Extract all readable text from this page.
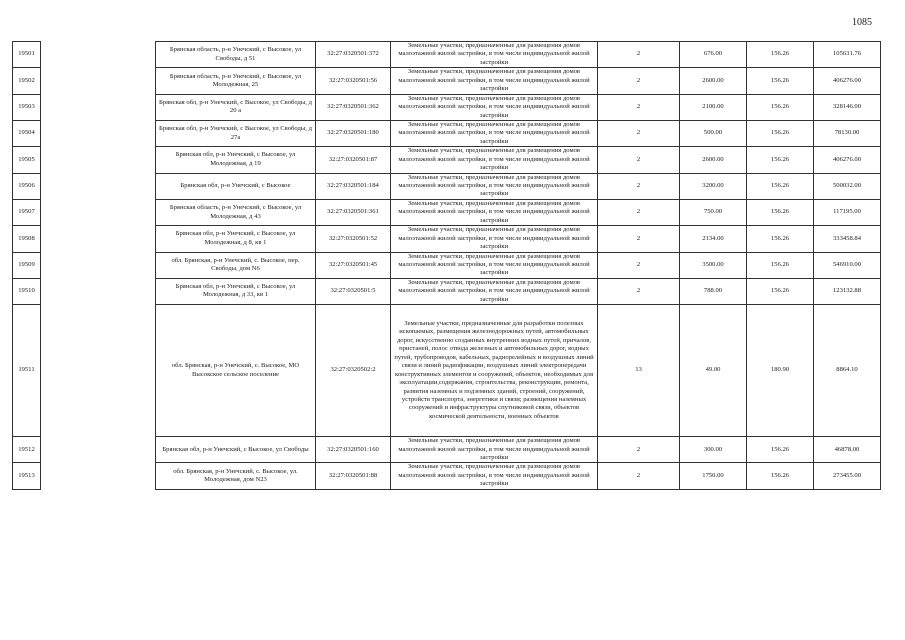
1085
19501		Брянская область, р-н Унечский, с Высокое, ул Свободы, д 51	32:27:0320501:372	Земельные участки, предназначенные для размещения домов малоэтажной жилой застройки, в том числе индивидуальной жилой застройки	2	676.00	156.26	105631.76
19502		Брянская область, р-н Унечский, с Высокое, ул Молодежная, 25	32:27:0320501:56	Земельные участки, предназначенные для размещения домов малоэтажной жилой застройки, в том числе индивидуальной жилой застройки	2	2600.00	156.26	406276.00
19503		Брянская обл, р-н Унечский, с Высокое, ул Свободы, д 20 а	32:27:0320501:362	Земельные участки, предназначенные для размещения домов малоэтажной жилой застройки, в том числе индивидуальной жилой застройки	2	2100.00	156.26	328146.00
19504		Брянская обл, р-н Унечский, с Высокое, ул Свободы, д 27а	32:27:0320501:180	Земельные участки, предназначенные для размещения домов малоэтажной жилой застройки, в том числе индивидуальной жилой застройки	2	500.00	156.26	78130.00
19505		Брянская обл, р-н Унечский, с Высокое, ул Молодежная, д 19	32:27:0320501:87	Земельные участки, предназначенные для размещения домов малоэтажной жилой застройки, в том числе индивидуальной жилой застройки	2	2600.00	156.26	406276.00
19506		Брянская обл, р-н Унечский, с Высокое	32:27:0320501:184	Земельные участки, предназначенные для размещения домов малоэтажной жилой застройки, в том числе индивидуальной жилой застройки	2	3200.00	156.26	500032.00
19507		Брянская область, р-н Унечский, с Высокое, ул Молодежная, д 43	32:27:0320501:361	Земельные участки, предназначенные для размещения домов малоэтажной жилой застройки, в том числе индивидуальной жилой застройки	2	750.00	156.26	117195.00
19508		Брянская обл, р-н Унечский, с Высокое, ул Молодежная, д 8, кв 1	32:27:0320501:52	Земельные участки, предназначенные для размещения домов малоэтажной жилой застройки, в том числе индивидуальной жилой застройки	2	2134.00	156.26	333458.84
19509		обл. Брянская, р-н Унечский, с. Высокое, пер. Свободы, дом N6	32:27:0320501:45	Земельные участки, предназначенные для размещения домов малоэтажной жилой застройки, в том числе индивидуальной жилой застройки	2	3500.00	156.26	546910.00
19510		Брянская обл, р-н Унечский, с Высокое, ул Молодежная, д 33, кв 1	32:27:0320501:5	Земельные участки, предназначенные для размещения домов малоэтажной жилой застройки, в том числе индивидуальной жилой застройки	2	788.00	156.26	123132.88
19511		обл. Брянская, р-н Унечский, с. Высокое, МО Высокское сельское поселение	32:27:0320502:2	Земельные участки, предназначенные для разработки полезных ископаемых, размещения железнодорожных путей, автомобильных дорог, искусственно созданных внутренних водных путей, причалов, пристаней, полос отвода железных и автомобильных дорог, водных путей, трубопроводов, кабельных, радиорелейных и воздушных линий связи и линий радиофикации, воздушных линий электропередачи конструктивных элементов и сооружений, объектов, необходимых для эксплуатации,содержания, строительства, реконструкции, ремонта, развития наземных и подземных зданий, строений, сооружений, устройств транспорта, энергетики и связи; размещения наземных сооружений и инфраструктуры спутниковой связи, объектов космической деятельности, военных объектов	13	49.00	180.90	8864.10
19512		Брянская обл, р-н Унечский, с Высокое, ул Свободы	32:27:0320501:160	Земельные участки, предназначенные для размещения домов малоэтажной жилой застройки, в том числе индивидуальной жилой застройки	2	300.00	156.26	46878.00
19513		обл. Брянская, р-н Унечский, с. Высокое, ул. Молодежная, дом N23	32:27:0320501:88	Земельные участки, предназначенные для размещения домов малоэтажной жилой застройки, в том числе индивидуальной жилой застройки	2	1750.00	156.26	273455.00
